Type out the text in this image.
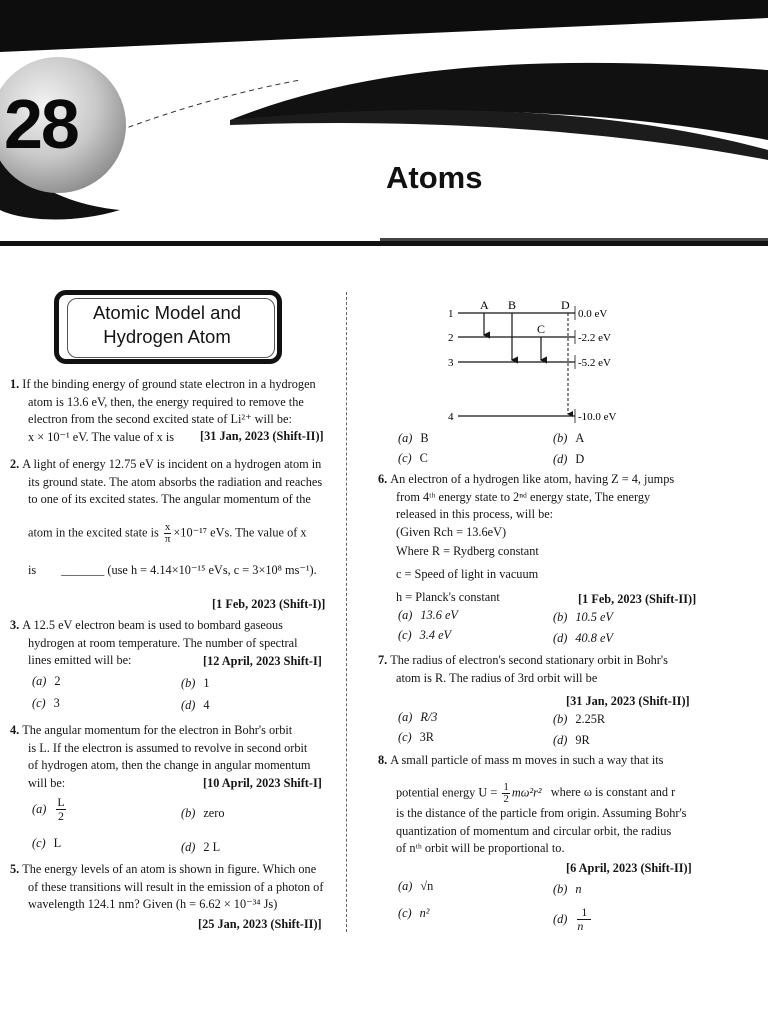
28
Atoms
Atomic Model and
Hydrogen Atom
1. If the binding energy of ground state electron in a hydrogen
atom is 13.6 eV, then, the energy required to remove the
electron from the second excited state of Li²⁺ will be:
x × 10⁻¹ eV. The value of x is	[31 Jan, 2023 (Shift-II)]
2. A light of energy 12.75 eV is incident on a hydrogen atom in
its ground state. The atom absorbs the radiation and reaches
to one of its excited states. The angular momentum of the
atom in the excited state is $\frac{x}{\pi} \times 10^{-17}$ eVs. The value of x
is _______ (use h = 4.14×10⁻¹⁵ eVs, c = 3×10⁸ ms⁻¹).
[1 Feb, 2023 (Shift-I)]
3. A 12.5 eV electron beam is used to bombard gaseous
hydrogen at room temperature. The number of spectral
lines emitted will be:	[12 April, 2023 Shift-I]
(a) 2	(b) 1
(c) 3	(d) 4
4. The angular momentum for the electron in Bohr's orbit
is L. If the electron is assumed to revolve in second orbit
of hydrogen atom, then the change in angular momentum
will be:	[10 April, 2023 Shift-I]
$(a) \frac{L}{2}$	(b) zero
(c) L	(d) 2 L
5. The energy levels of an atom is shown in figure. Which one
of these transitions will result in the emission of a photon of
wavelength 124.1 nm? Given (h = 6.62 × 10⁻³⁴ Js)
[25 Jan, 2023 (Shift-II)]
1
2
3
4
A B
C
D
0.0 eV
-2.2 eV
-5.2 eV
-10.0 eV
(a) B	(b) A
(c) C	(d) D
6. An electron of a hydrogen like atom, having Z = 4, jumps
from 4ᵗʰ energy state to 2ⁿᵈ energy state, The energy
released in this process, will be:
(Given Rch = 13.6eV)
Where R = Rydberg constant
c = Speed of light in vacuum
h = Planck's constant	[1 Feb, 2023 (Shift-II)]
(a) 13.6 eV	(b) 10.5 eV
(c) 3.4 eV	(d) 40.8 eV
7. The radius of electron's second stationary orbit in Bohr's
atom is R. The radius of 3rd orbit will be
[31 Jan, 2023 (Shift-II)]
(a) R/3	(b) 2.25R
(c) 3R	(d) 9R
8. A small particle of mass m moves in such a way that its
potential energy $U = \frac{1}{2} m\omega^2r^2$ where ω is constant and r
is the distance of the particle from origin. Assuming Bohr's
quantization of momentum and circular orbit, the radius
of nᵗʰ orbit will be proportional to.
[6 April, 2023 (Shift-II)]
(a) √n	(b) n
(c) n²	$(d) \frac{1}{n}$
